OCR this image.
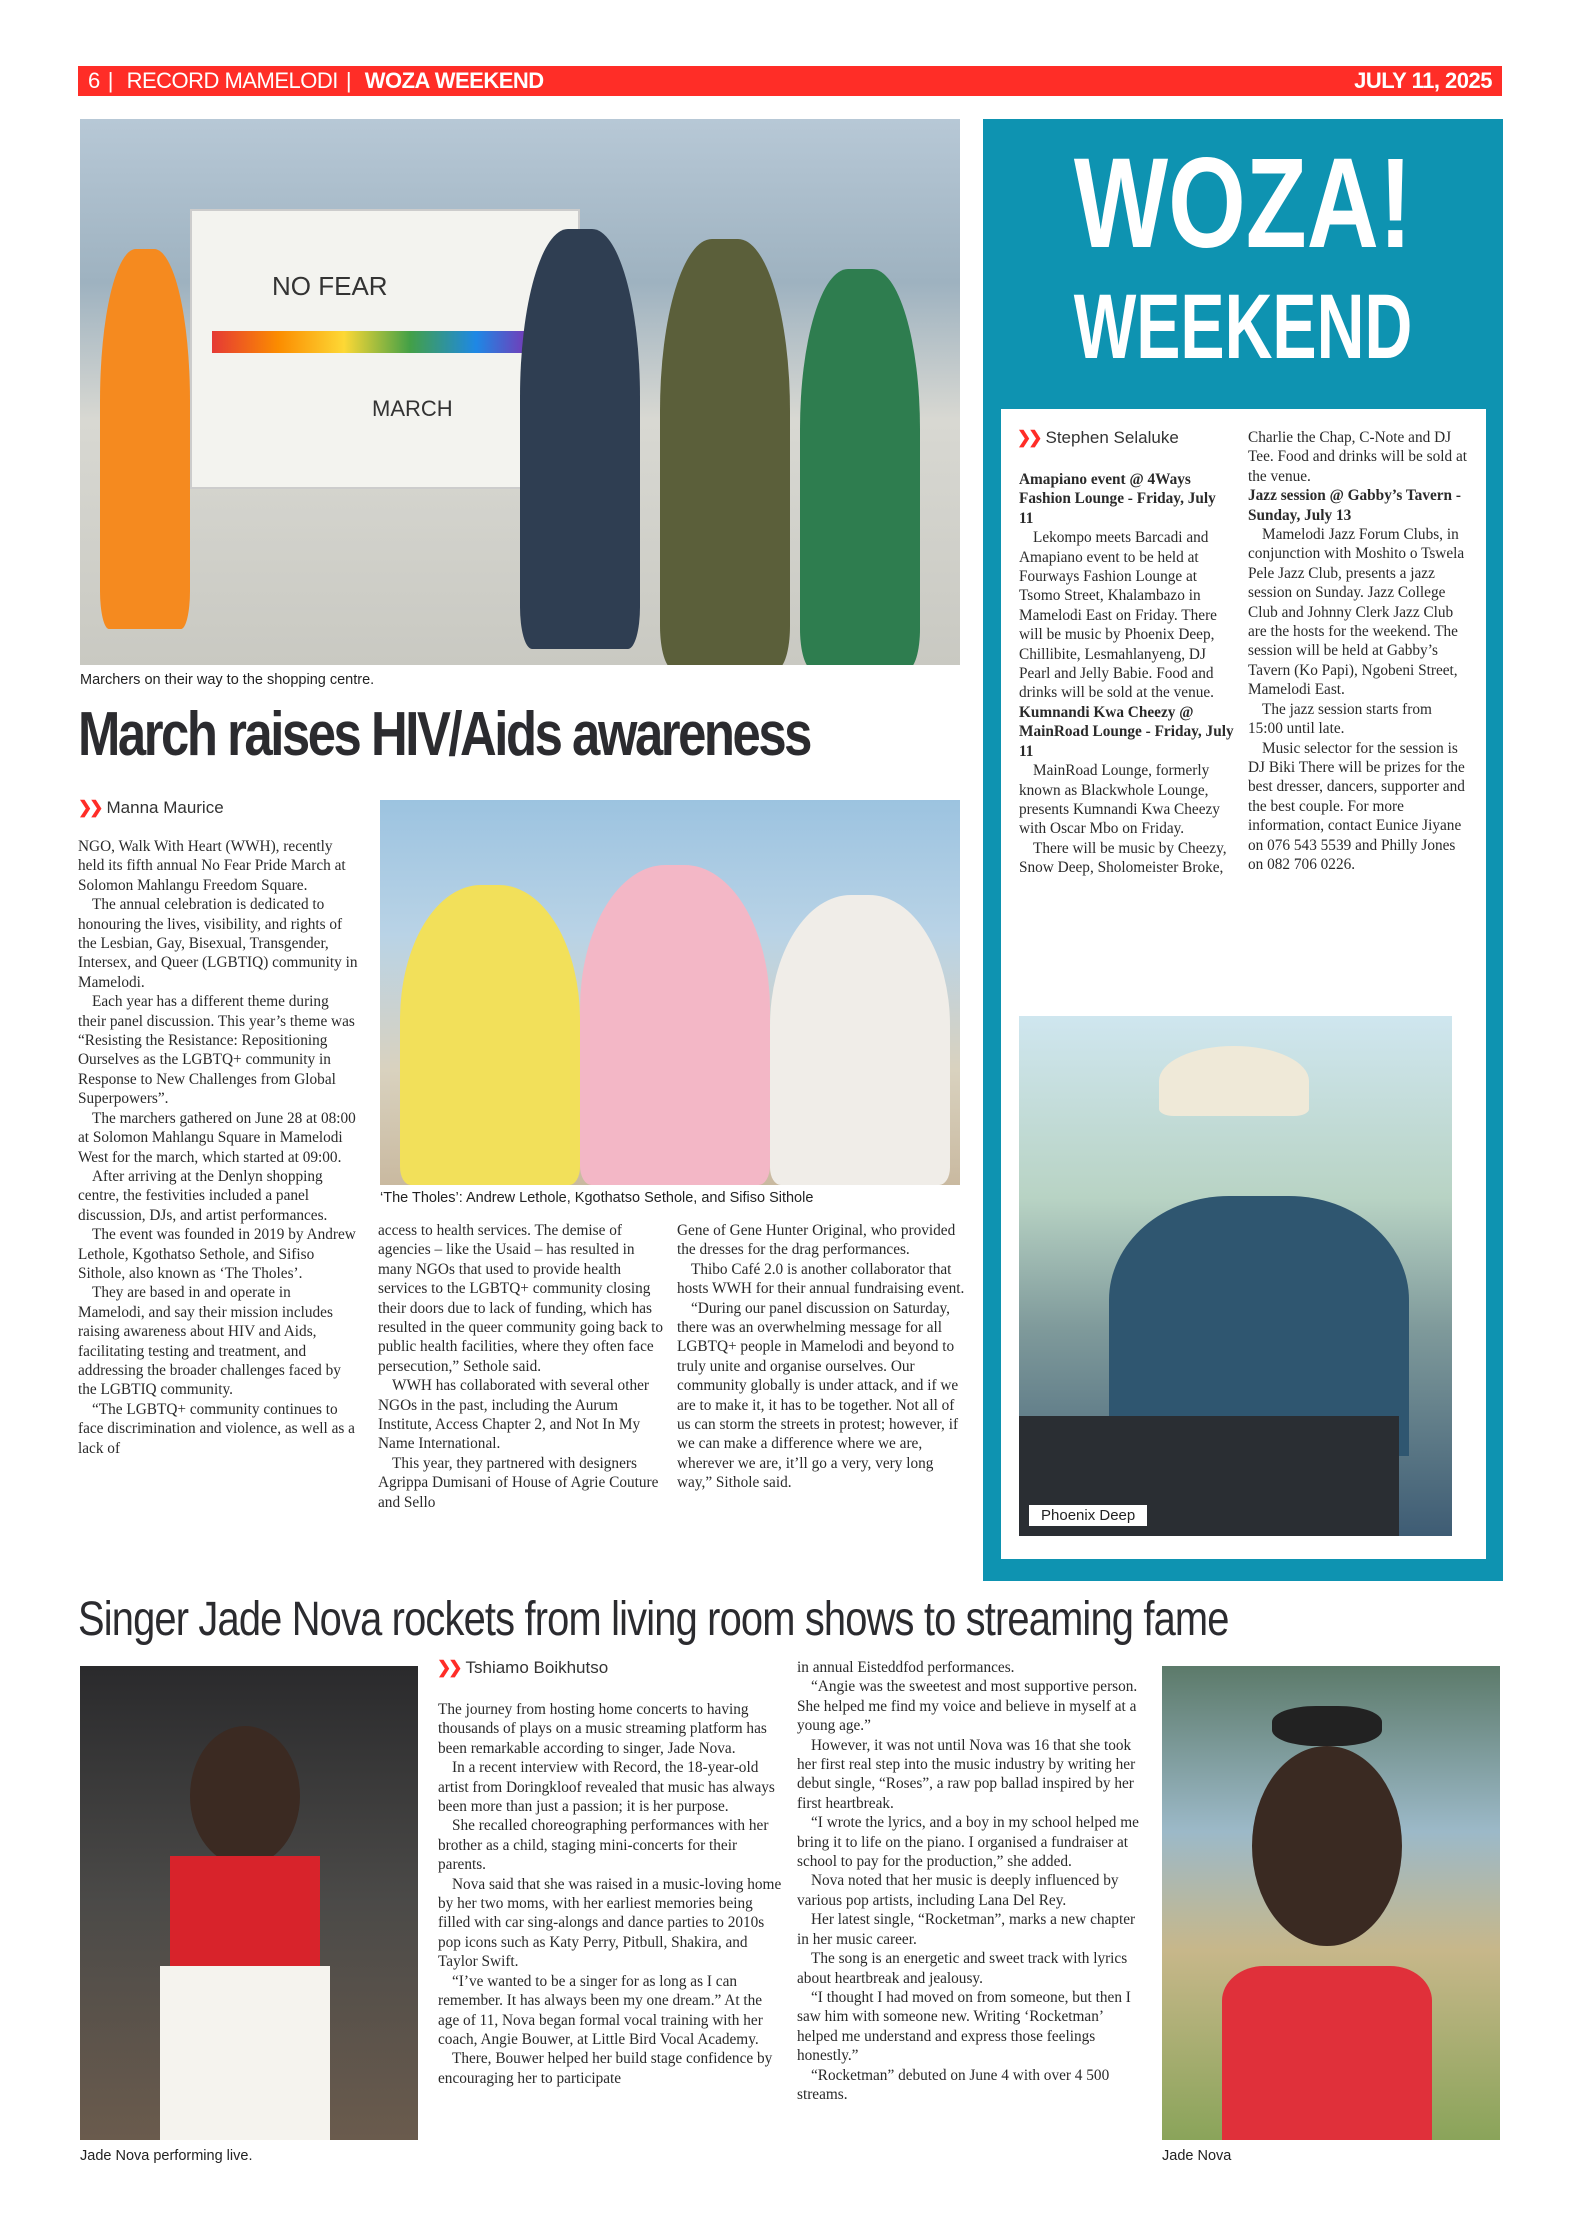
6 | RECORD MAMELODI | WOZA WEEKEND	JULY 11, 2025
NO FEAR
MARCH
Marchers on their way to the shopping centre.
March raises HIV/Aids awareness
❯❯ Manna Maurice

NGO, Walk With Heart (WWH), recently held its fifth annual No Fear Pride March at Solomon Mahlangu Freedom Square.

The annual celebration is dedicated to honouring the lives, visibility, and rights of the Lesbian, Gay, Bisexual, Transgender, Intersex, and Queer (LGBTIQ) community in Mamelodi.

Each year has a different theme during their panel discussion. This year’s theme was “Resisting the Resistance: Repositioning Ourselves as the LGBTQ+ community in Response to New Challenges from Global Superpowers”.

The marchers gathered on June 28 at 08:00 at Solomon Mahlangu Square in Mamelodi West for the march, which started at 09:00.

After arriving at the Denlyn shopping centre, the festivities included a panel discussion, DJs, and artist performances.

The event was founded in 2019 by Andrew Lethole, Kgothatso Sethole, and Sifiso Sithole, also known as ‘The Tholes’.

They are based in and operate in Mamelodi, and say their mission includes raising awareness about HIV and Aids, facilitating testing and treatment, and addressing the broader challenges faced by the LGBTIQ community.

“The LGBTQ+ community continues to face discrimination and violence, as well as a lack of

‘The Tholes’: Andrew Lethole, Kgothatso Sethole, and Sifiso Sithole

access to health services. The demise of agencies – like the Usaid – has resulted in many NGOs that used to provide health services to the LGBTQ+ community closing their doors due to lack of funding, which has resulted in the queer community going back to public health facilities, where they often face persecution,” Sethole said.

WWH has collaborated with several other NGOs in the past, including the Aurum Institute, Access Chapter 2, and Not In My Name International.

This year, they partnered with designers Agrippa Dumisani of House of Agrie Couture and Sello

Gene of Gene Hunter Original, who provided the dresses for the drag performances.

Thibo Café 2.0 is another collaborator that hosts WWH for their annual fundraising event.

“During our panel discussion on Saturday, there was an overwhelming message for all LGBTQ+ people in Mamelodi and beyond to truly unite and organise ourselves. Our community globally is under attack, and if we are to make it, it has to be together. Not all of us can storm the streets in protest; however, if we can make a difference where we are, wherever we are, it’ll go a very, very long way,” Sithole said.

WOZA!
WEEKEND
❯❯ Stephen Selaluke

Amapiano event @ 4Ways Fashion Lounge - Friday, July 11

Lekompo meets Barcadi and Amapiano event to be held at Fourways Fashion Lounge at Tsomo Street, Khalambazo in Mamelodi East on Friday. There will be music by Phoenix Deep, Chillibite, Lesmahlanyeng, DJ Pearl and Jelly Babie. Food and drinks will be sold at the venue.

Kumnandi Kwa Cheezy @ MainRoad Lounge - Friday, July 11

MainRoad Lounge, formerly known as Blackwhole Lounge, presents Kumnandi Kwa Cheezy with Oscar Mbo on Friday.

There will be music by Cheezy, Snow Deep, Sholomeister Broke,

Charlie the Chap, C-Note and DJ Tee. Food and drinks will be sold at the venue.

Jazz session @ Gabby’s Tavern - Sunday, July 13

Mamelodi Jazz Forum Clubs, in conjunction with Moshito o Tswela Pele Jazz Club, presents a jazz session on Sunday. Jazz College Club and Johnny Clerk Jazz Club are the hosts for the weekend. The session will be held at Gabby’s Tavern (Ko Papi), Ngobeni Street, Mamelodi East.

The jazz session starts from 15:00 until late.

Music selector for the session is DJ Biki There will be prizes for the best dresser, dancers, supporter and the best couple. For more information, contact Eunice Jiyane on 076 543 5539 and Philly Jones on 082 706 0226.

Phoenix Deep
Singer Jade Nova rockets from living room shows to streaming fame
Jade Nova performing live.
❯❯ Tshiamo Boikhutso

The journey from hosting home concerts to having thousands of plays on a music streaming platform has been remarkable according to singer, Jade Nova.

In a recent interview with Record, the 18-year-old artist from Doringkloof revealed that music has always been more than just a passion; it is her purpose.

She recalled choreographing performances with her brother as a child, staging mini-concerts for their parents.

Nova said that she was raised in a music-loving home by her two moms, with her earliest memories being filled with car sing-alongs and dance parties to 2010s pop icons such as Katy Perry, Pitbull, Shakira, and Taylor Swift.

“I’ve wanted to be a singer for as long as I can remember. It has always been my one dream.” At the age of 11, Nova began formal vocal training with her coach, Angie Bouwer, at Little Bird Vocal Academy.

There, Bouwer helped her build stage confidence by encouraging her to participate

in annual Eisteddfod performances.

“Angie was the sweetest and most supportive person. She helped me find my voice and believe in myself at a young age.”

However, it was not until Nova was 16 that she took her first real step into the music industry by writing her debut single, “Roses”, a raw pop ballad inspired by her first heartbreak.

“I wrote the lyrics, and a boy in my school helped me bring it to life on the piano. I organised a fundraiser at school to pay for the production,” she added.

Nova noted that her music is deeply influenced by various pop artists, including Lana Del Rey.

Her latest single, “Rocketman”, marks a new chapter in her music career.

The song is an energetic and sweet track with lyrics about heartbreak and jealousy.

“I thought I had moved on from someone, but then I saw him with someone new. Writing ‘Rocketman’ helped me understand and express those feelings honestly.”

“Rocketman” debuted on June 4 with over 4 500 streams.

Jade Nova
